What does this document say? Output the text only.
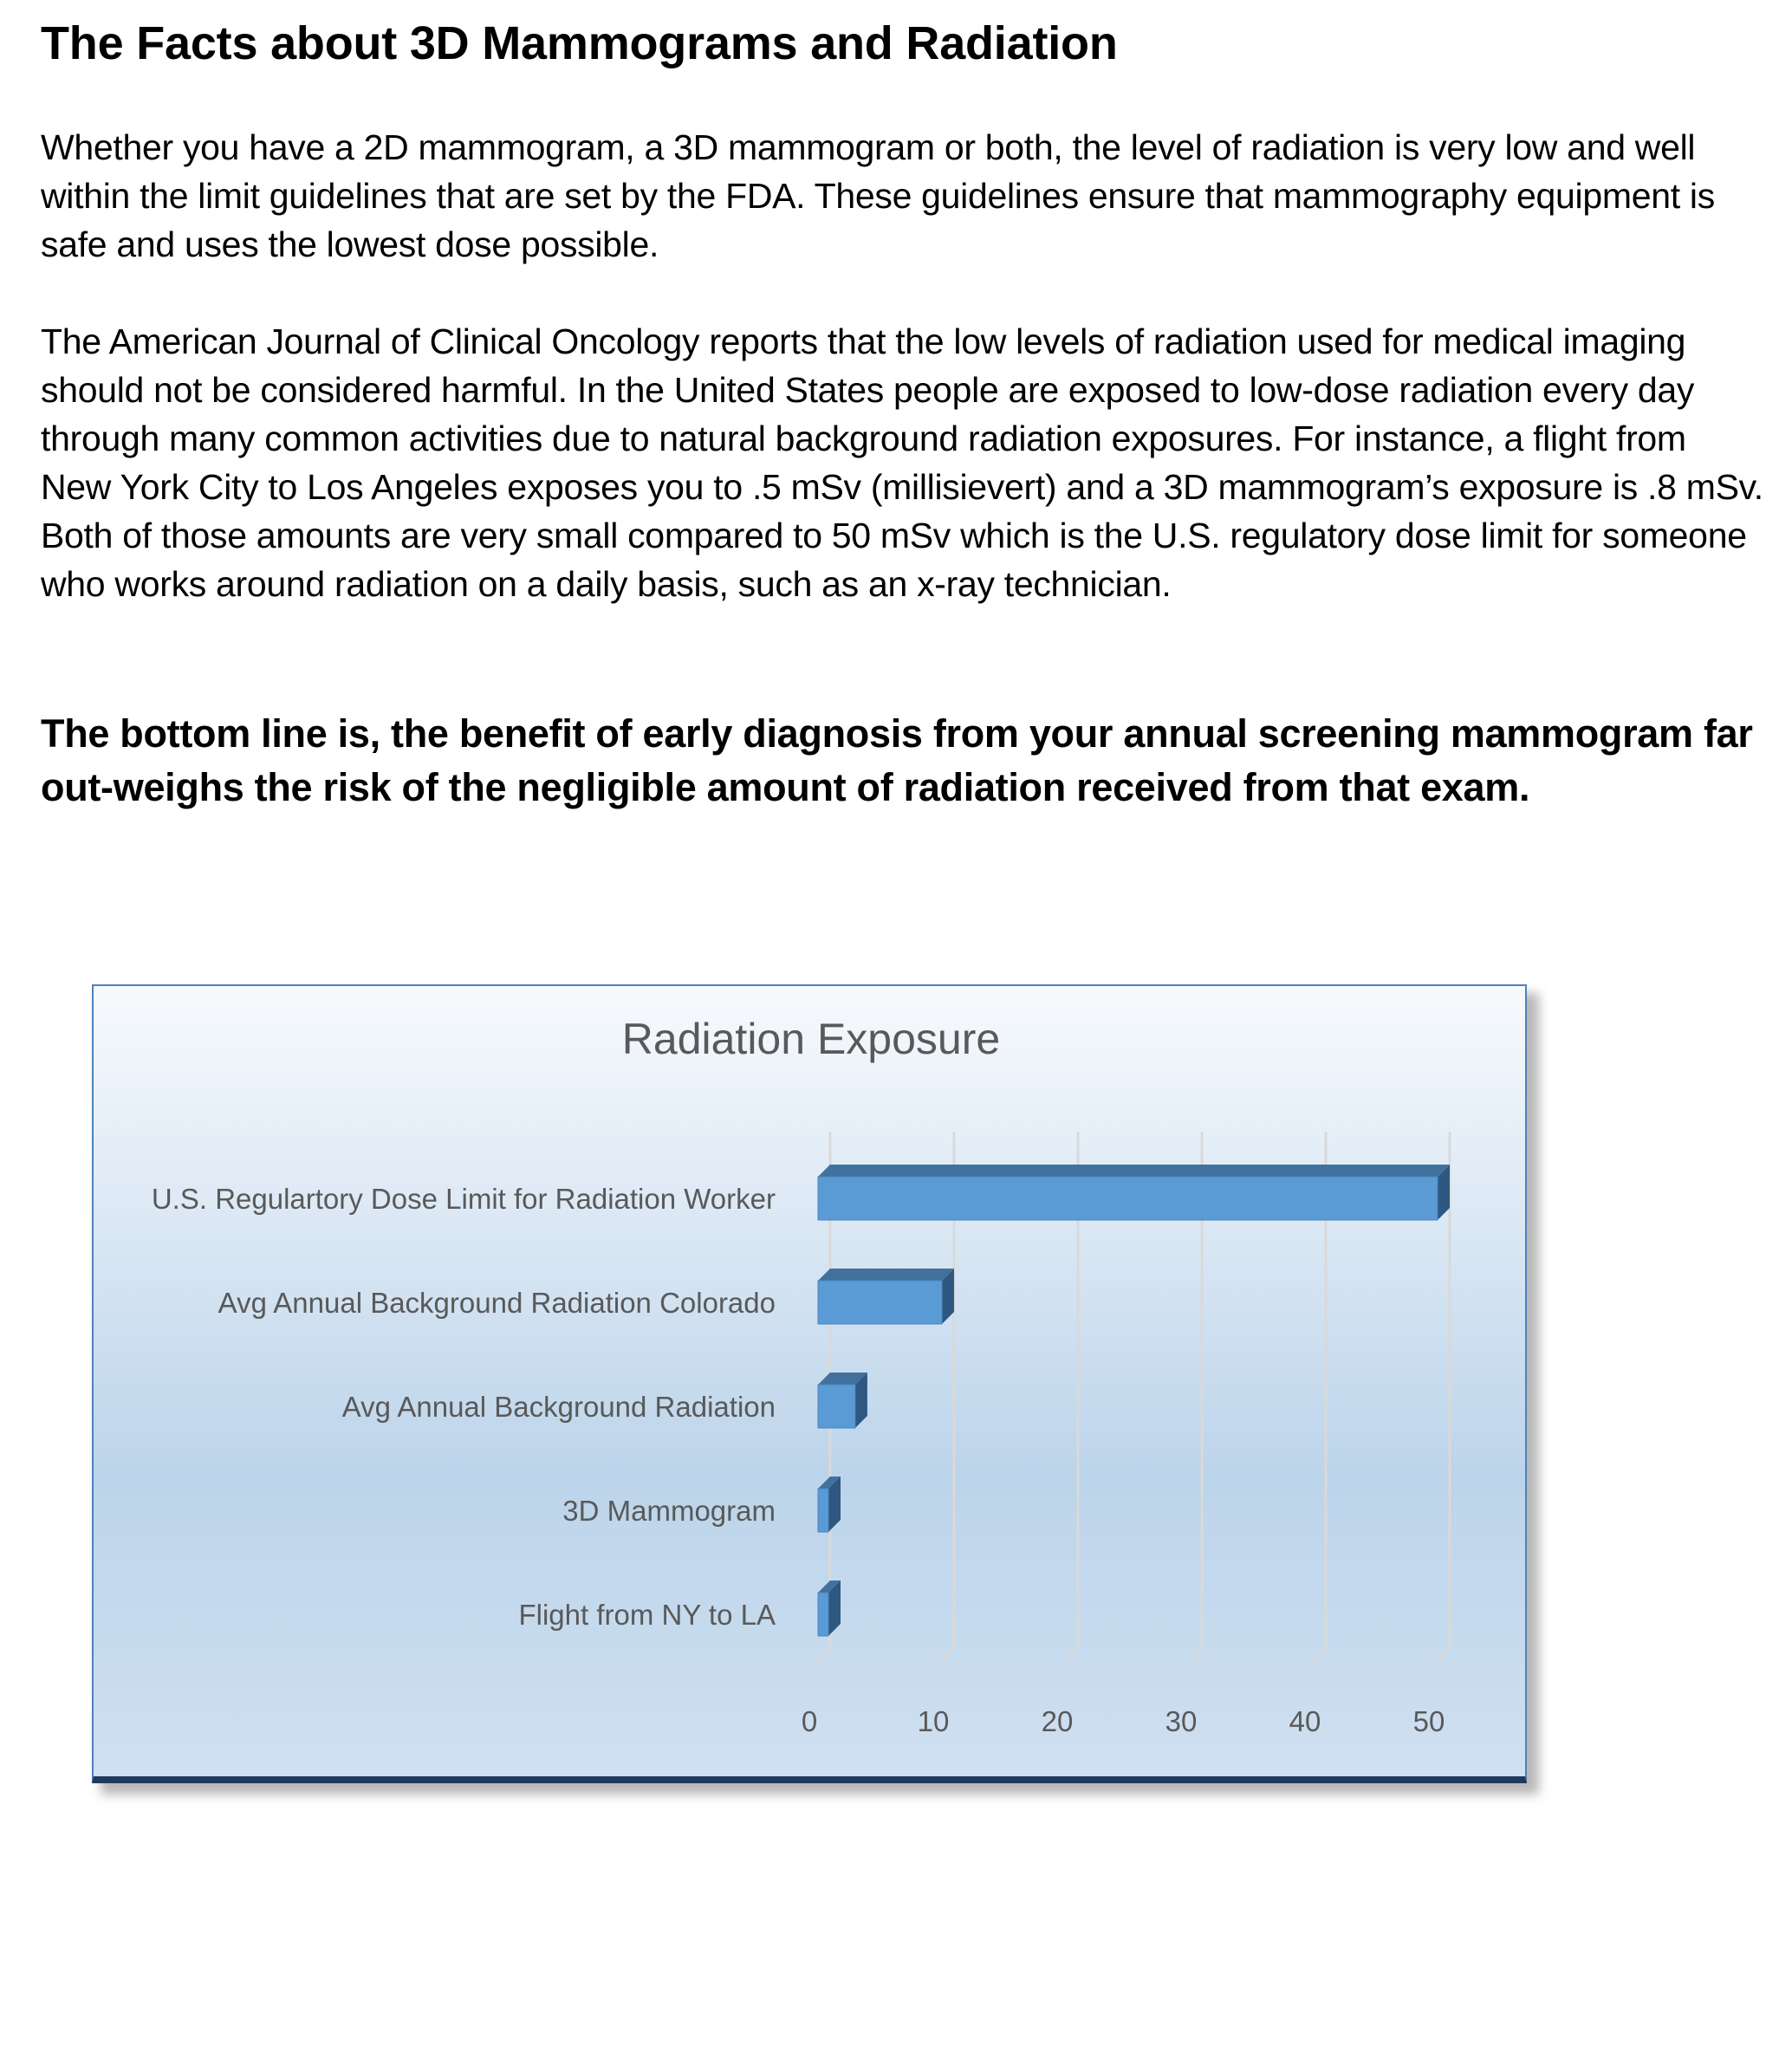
The Facts about 3D Mammograms and Radiation

Whether you have a 2D mammogram, a 3D mammogram or both, the level of radiation is very low and well within the limit guidelines that are set by the FDA. These guidelines ensure that mammography equipment is safe and uses the lowest dose possible.

The American Journal of Clinical Oncology reports that the low levels of radiation used for medical imaging should not be considered harmful. In the United States people are exposed to low-dose radiation every day through many common activities due to natural background radiation exposures. For instance, a flight from New York City to Los Angeles exposes you to .5 mSv (millisievert) and a 3D mammogram’s exposure is .8 mSv. Both of those amounts are very small compared to 50 mSv which is the U.S. regulatory dose limit for someone who works around radiation on a daily basis, such as an x-ray technician.

The bottom line is, the benefit of early diagnosis from your annual screening mammogram far out-weighs the risk of the negligible amount of radiation received from that exam.

Radiation Exposure
U.S. Regulartory Dose Limit for Radiation Worker
Avg Annual Background Radiation Colorado
Avg Annual Background Radiation
3D Mammogram
Flight from NY to LA
0	10	20	30	40	50
